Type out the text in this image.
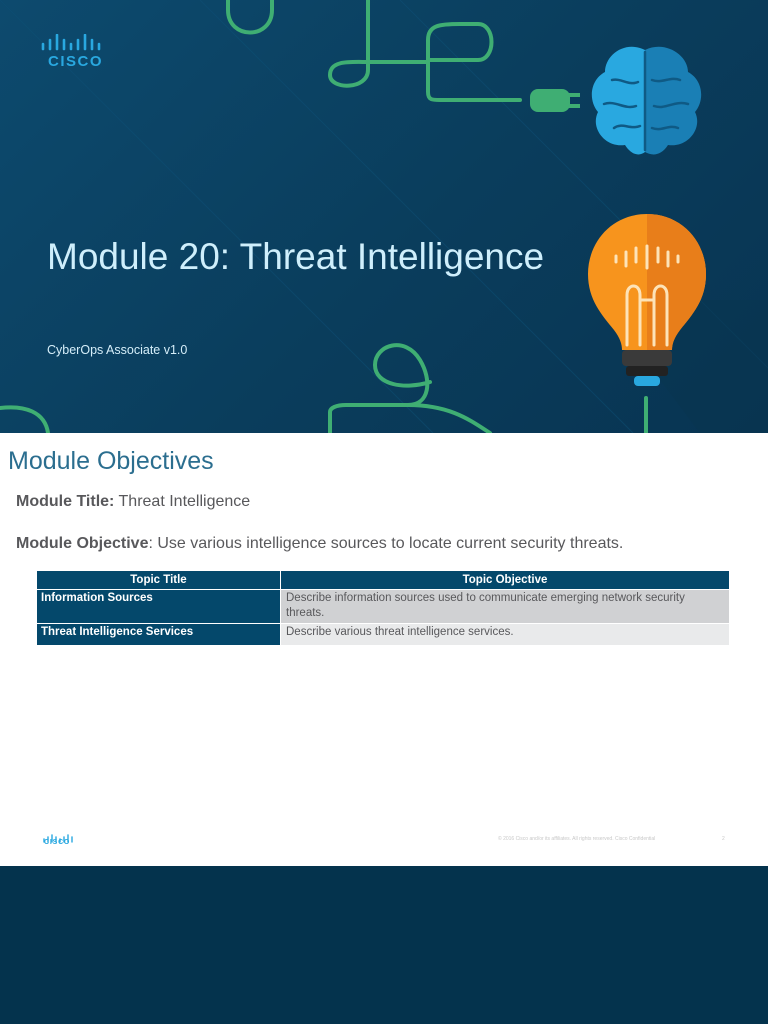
CISCO
Module 20: Threat Intelligence
CyberOps Associate v1.0
Module Objectives
Module Title: Threat Intelligence
Module Objective: Use various intelligence sources to locate current security threats.
Topic Title	Topic Objective
Information Sources	Describe information sources used to communicate emerging network security threats.
Threat Intelligence Services	Describe various threat intelligence services.
CISCO	© 2016 Cisco and/or its affiliates. All rights reserved. Cisco Confidential	2
